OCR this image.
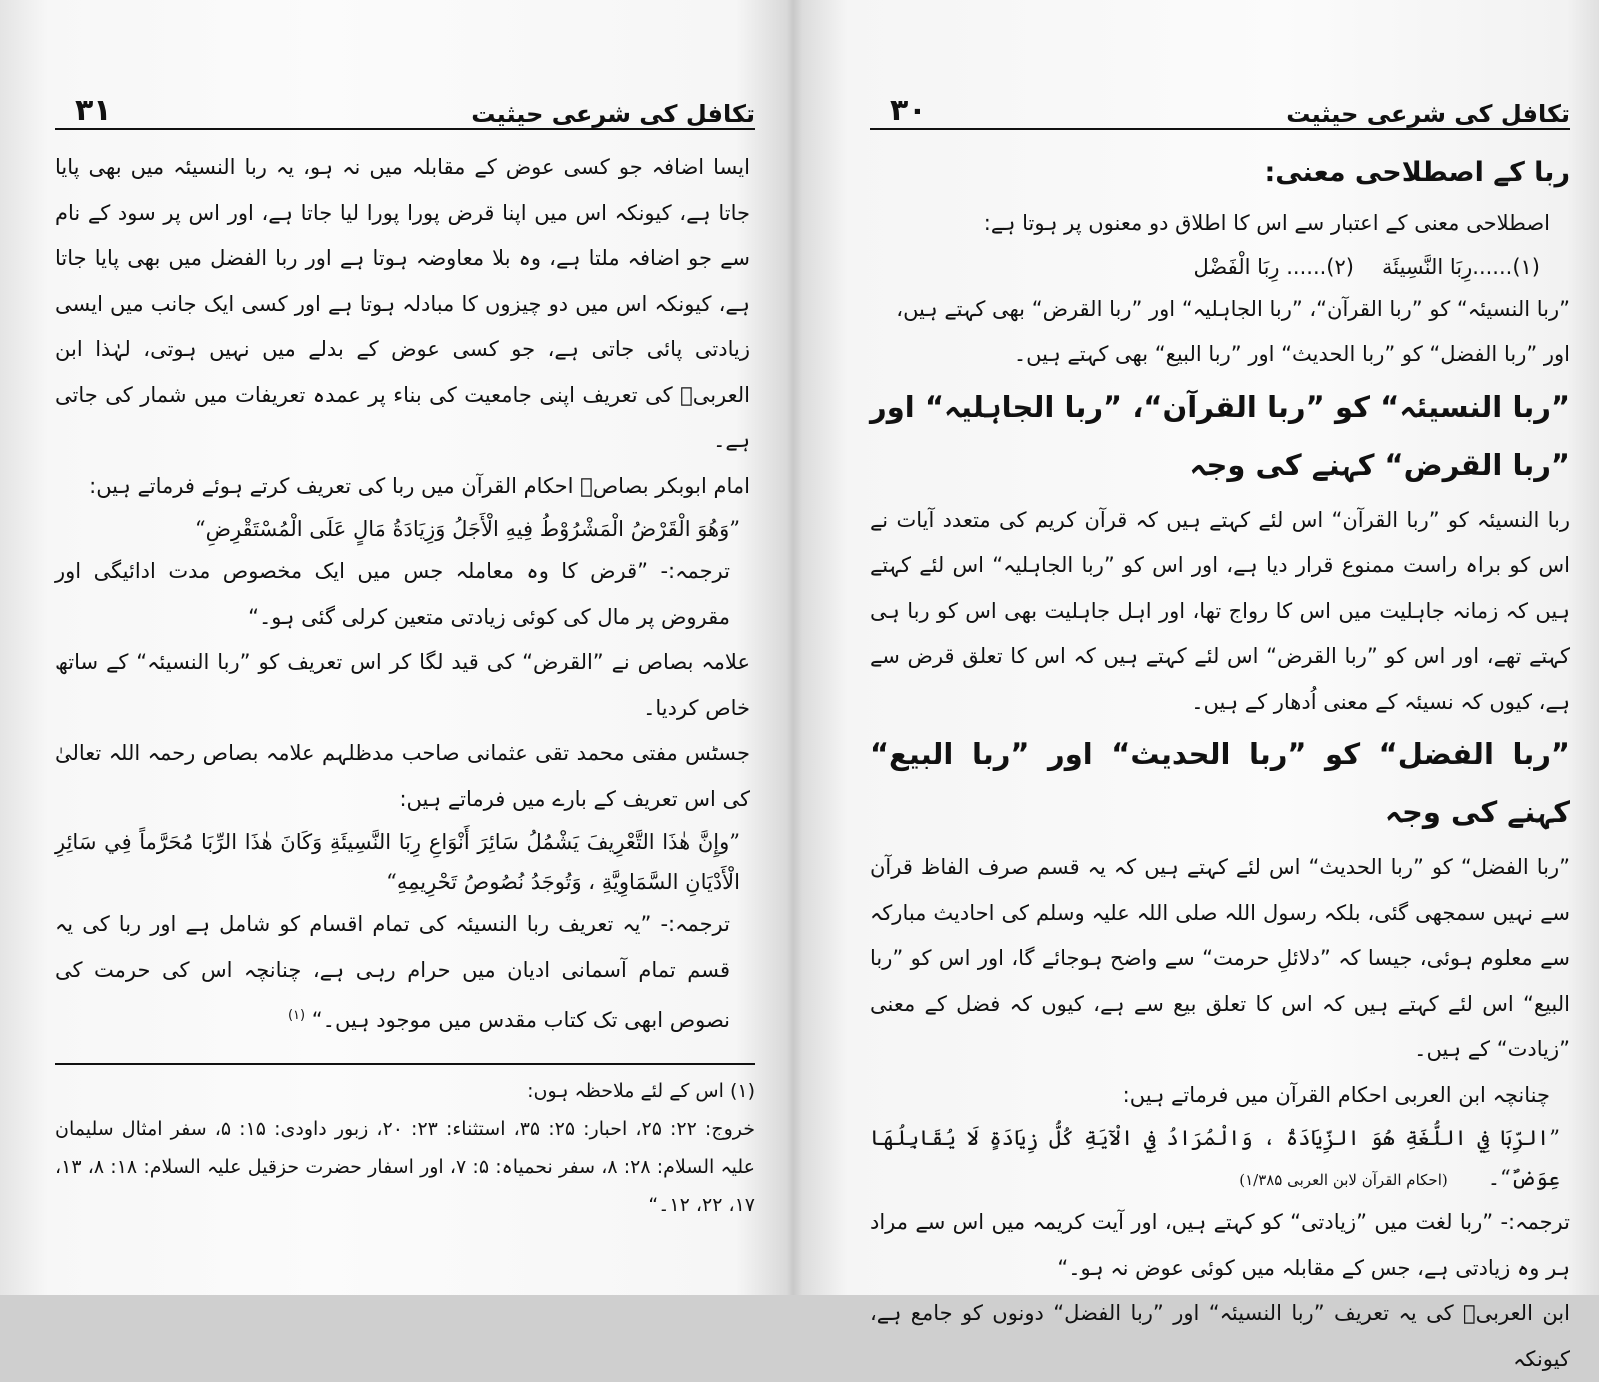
تکافل کی شرعی حیثیت
۳۱

ایسا اضافہ جو کسی عوض کے مقابلہ میں نہ ہو، یہ ربا النسیئہ میں بھی پایا جاتا ہے، کیونکہ اس میں اپنا قرض پورا پورا لیا جاتا ہے، اور اس پر سود کے نام سے جو اضافہ ملتا ہے، وہ بلا معاوضہ ہوتا ہے اور ربا الفضل میں بھی پایا جاتا ہے، کیونکہ اس میں دو چیزوں کا مبادلہ ہوتا ہے اور کسی ایک جانب میں ایسی زیادتی پائی جاتی ہے، جو کسی عوض کے بدلے میں نہیں ہوتی، لہٰذا ابن العربیؒ کی تعریف اپنی جامعیت کی بناء پر عمدہ تعریفات میں شمار کی جاتی ہے۔

امام ابوبکر بصاصؒ احکام القرآن میں ربا کی تعریف کرتے ہوئے فرماتے ہیں:

”وَهُوَ الْقَرْضُ الْمَشْرُوْطُ فِيهِ الْأَجَلُ وَزِيَادَةُ مَالٍ عَلَى الْمُسْتَقْرِضِ“

ترجمہ:- ”قرض کا وہ معاملہ جس میں ایک مخصوص مدت ادائیگی اور مقروض پر مال کی کوئی زیادتی متعین کرلی گئی ہو۔“

علامہ بصاص نے ”القرض“ کی قید لگا کر اس تعریف کو ”ربا النسیئہ“ کے ساتھ خاص کردیا۔

جسٹس مفتی محمد تقی عثمانی صاحب مدظلہم علامہ بصاص رحمہ اللہ تعالیٰ کی اس تعریف کے بارے میں فرماتے ہیں:

”وإِنَّ هٰذَا التَّعْرِيفَ يَشْمُلُ سَائِرَ أَنْوَاعِ رِبَا النَّسِيئَةِ وَكَانَ هٰذَا الرِّبَا مُحَرَّماً فِي سَائِرِ الْأَدْيَانِ السَّمَاوِيَّةِ ، وَتُوجَدُ نُصُوصُ تَحْرِيمِهِ“

ترجمہ:- ”یہ تعریف ربا النسیئہ کی تمام اقسام کو شامل ہے اور ربا کی یہ قسم تمام آسمانی ادیان میں حرام رہی ہے، چنانچہ اس کی حرمت کی نصوص ابھی تک کتاب مقدس میں موجود ہیں۔“ $^{(۱)}$

(۱) اس کے لئے ملاحظہ ہوں:

خروج: ۲۲: ۲۵، احبار: ۲۵: ۳۵، استثناء: ۲۳: ۲۰، زبور داودی: ۱۵: ۵، سفر امثال سلیمان علیہ السلام: ۲۸: ۸، سفر نحمیاہ: ۵: ۷، اور اسفار حضرت حزقیل علیہ السلام: ۱۸: ۸، ۱۳، ۱۷، ۲۲، ۱۲۔“

تکافل کی شرعی حیثیت
۳۰

ربا کے اصطلاحی معنی:

اصطلاحی معنی کے اعتبار سے اس کا اطلاق دو معنوں پر ہوتا ہے:

(۱)......رِبَا النَّسِيئَة
(۲)...... رِبَا الْفَضْل

”ربا النسیئہ“ کو ”ربا القرآن“، ”ربا الجاہلیہ“ اور ”ربا القرض“ بھی کہتے ہیں،

اور ”ربا الفضل“ کو ”ربا الحدیث“ اور ”ربا البیع“ بھی کہتے ہیں۔

”ربا النسیئہ“ کو ”ربا القرآن“، ”ربا الجاہلیہ“ اور ”ربا القرض“ کہنے کی وجہ

ربا النسیئہ کو ”ربا القرآن“ اس لئے کہتے ہیں کہ قرآن کریم کی متعدد آیات نے اس کو براہ راست ممنوع قرار دیا ہے، اور اس کو ”ربا الجاہلیہ“ اس لئے کہتے ہیں کہ زمانہ جاہلیت میں اس کا رواج تھا، اور اہل جاہلیت بھی اس کو ربا ہی کہتے تھے، اور اس کو ”ربا القرض“ اس لئے کہتے ہیں کہ اس کا تعلق قرض سے ہے، کیوں کہ نسیئہ کے معنی اُدھار کے ہیں۔

”ربا الفضل“ کو ”ربا الحدیث“ اور ”ربا البیع“ کہنے کی وجہ

”ربا الفضل“ کو ”ربا الحدیث“ اس لئے کہتے ہیں کہ یہ قسم صرف الفاظ قرآن سے نہیں سمجھی گئی، بلکہ رسول اللہ صلی اللہ علیہ وسلم کی احادیث مبارکہ سے معلوم ہوئی، جیسا کہ ”دلائلِ حرمت“ سے واضح ہوجائے گا، اور اس کو ”ربا البیع“ اس لئے کہتے ہیں کہ اس کا تعلق بیع سے ہے، کیوں کہ فضل کے معنی ”زیادت“ کے ہیں۔

چنانچہ ابن العربی احکام القرآن میں فرماتے ہیں:

”الرِّبَا فِي اللُّغَةِ هُوَ الزِّيَادَةُ ، وَالْمُرَادُ فِي الْآيَةِ كُلُّ زِيَادَةٍ لَا يُقَابِلُهَا عِوَضٌ“۔(احکام القرآن لابن العربی ۱/۳۸۵)

ترجمہ:- ”ربا لغت میں ”زیادتی“ کو کہتے ہیں، اور آیت کریمہ میں اس سے مراد ہر وہ زیادتی ہے، جس کے مقابلہ میں کوئی عوض نہ ہو۔“

ابن العربیؒ کی یہ تعریف ”ربا النسیئہ“ اور ”ربا الفضل“ دونوں کو جامع ہے، کیونکہ
